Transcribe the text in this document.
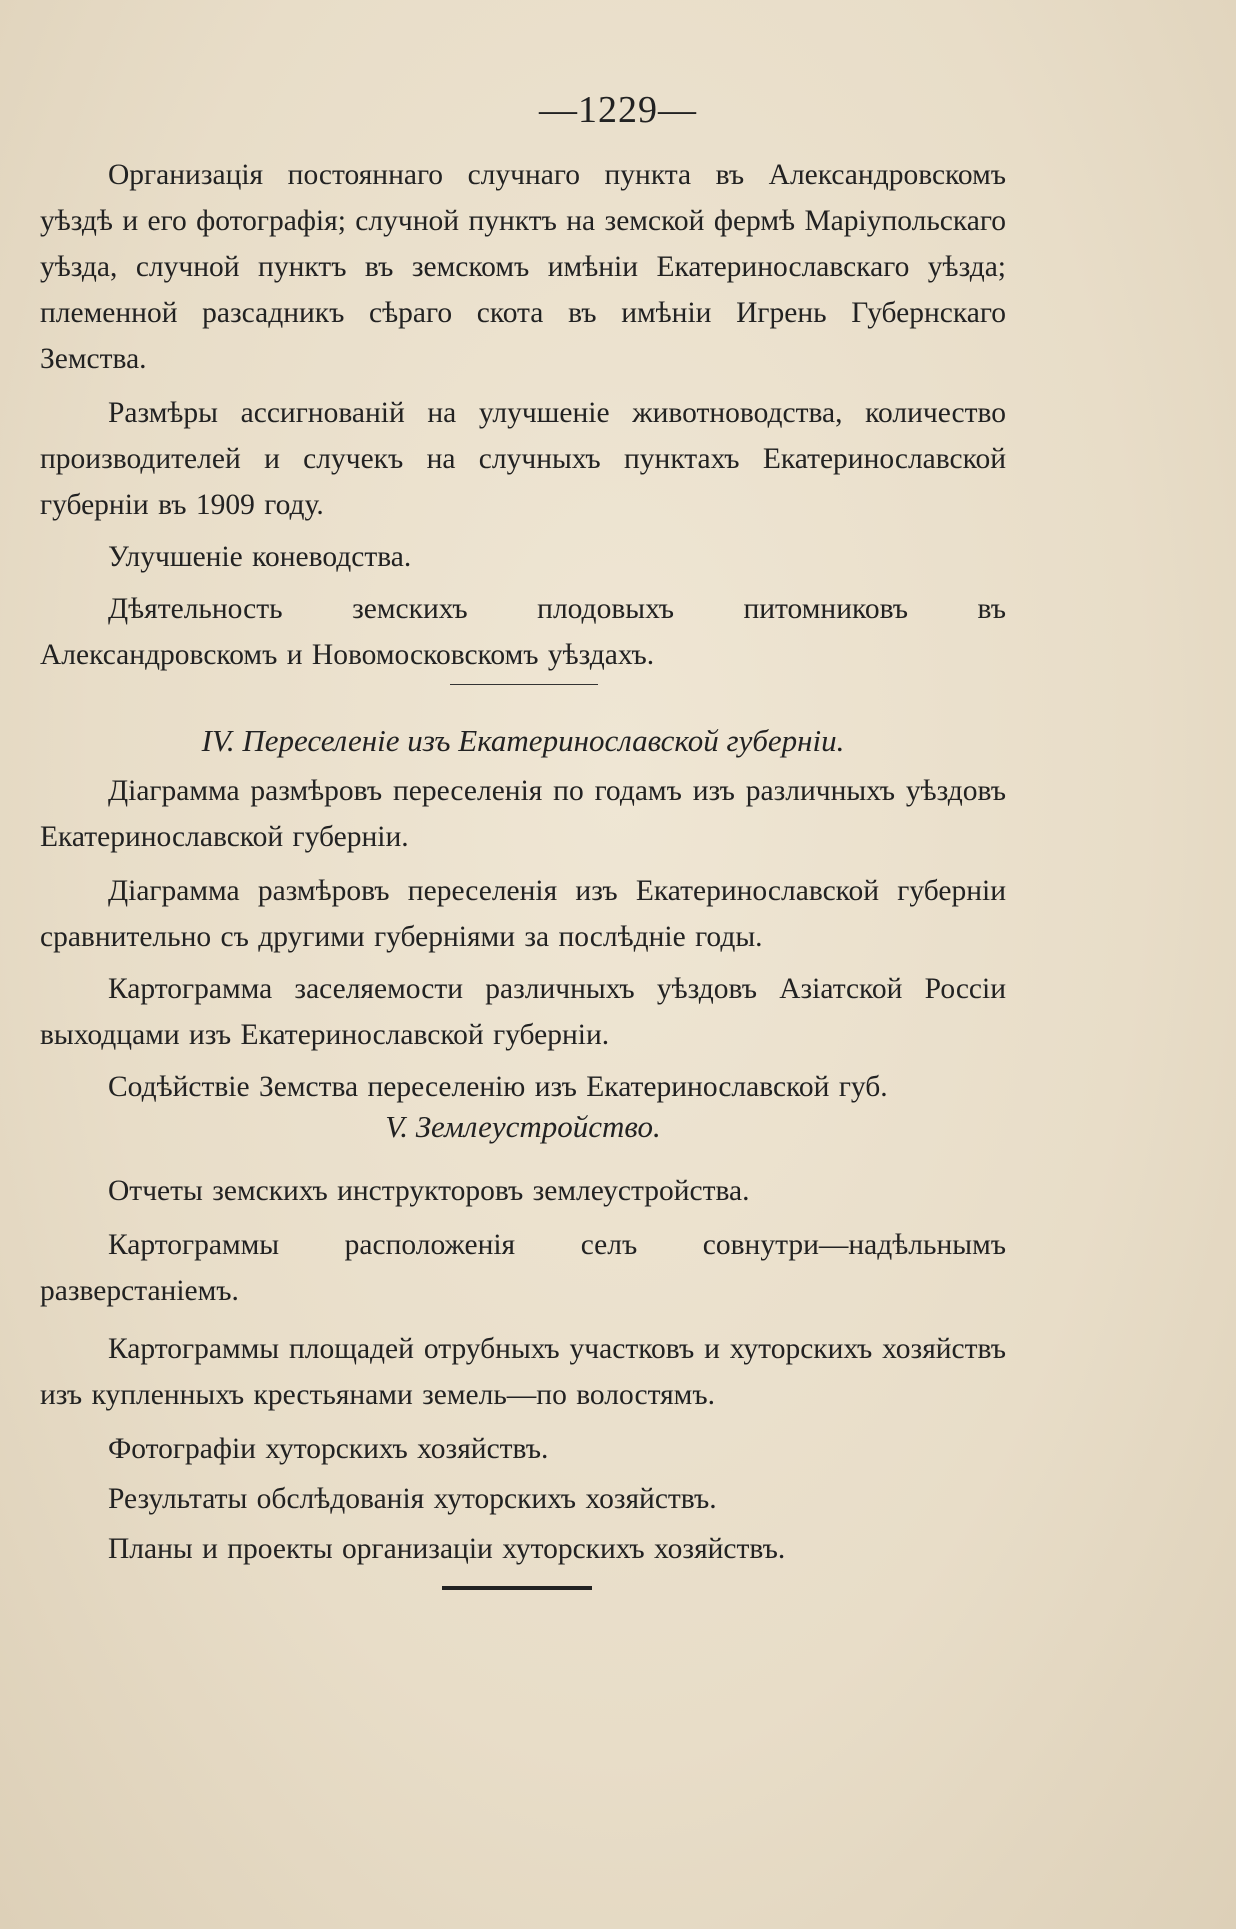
—1229—

Организацiя постояннаго случнаго пункта въ Александровскомъ уѣздѣ и его фотографiя; случной пунктъ на земской фермѣ Марiупольскаго уѣзда, случной пунктъ въ земскомъ имѣнiи Екатеринославскаго уѣзда; племенной разсадникъ сѣраго скота въ имѣнiи Игрень Губернскаго Земства.

Размѣры ассигнованiй на улучшенiе животноводства, количество производителей и случекъ на случныхъ пунктахъ Екатеринославской губернiи въ 1909 году.

Улучшенiе коневодства.

Дѣятельность земскихъ плодовыхъ питомниковъ въ Александровскомъ и Новомосковскомъ уѣздахъ.

IV. Переселенiе изъ Екатеринославской губернiи.

Дiаграмма размѣровъ переселенiя по годамъ изъ различныхъ уѣздовъ Екатеринославской губернiи.

Дiаграмма размѣровъ переселенiя изъ Екатеринославской губернiи сравнительно съ другими губернiями за послѣднiе годы.

Картограмма заселяемости различныхъ уѣздовъ Азiатской Россiи выходцами изъ Екатеринославской губернiи.

Содѣйствiе Земства переселенiю изъ Екатеринославской губ.

V. Землеустройство.

Отчеты земскихъ инструкторовъ землеустройства.

Картограммы расположенiя селъ совнутри—надѣльнымъ разверстанiемъ.

Картограммы площадей отрубныхъ участковъ и хуторскихъ хозяйствъ изъ купленныхъ крестьянами земель—по волостямъ.

Фотографiи хуторскихъ хозяйствъ.

Результаты обслѣдованiя хуторскихъ хозяйствъ.

Планы и проекты организацiи хуторскихъ хозяйствъ.
